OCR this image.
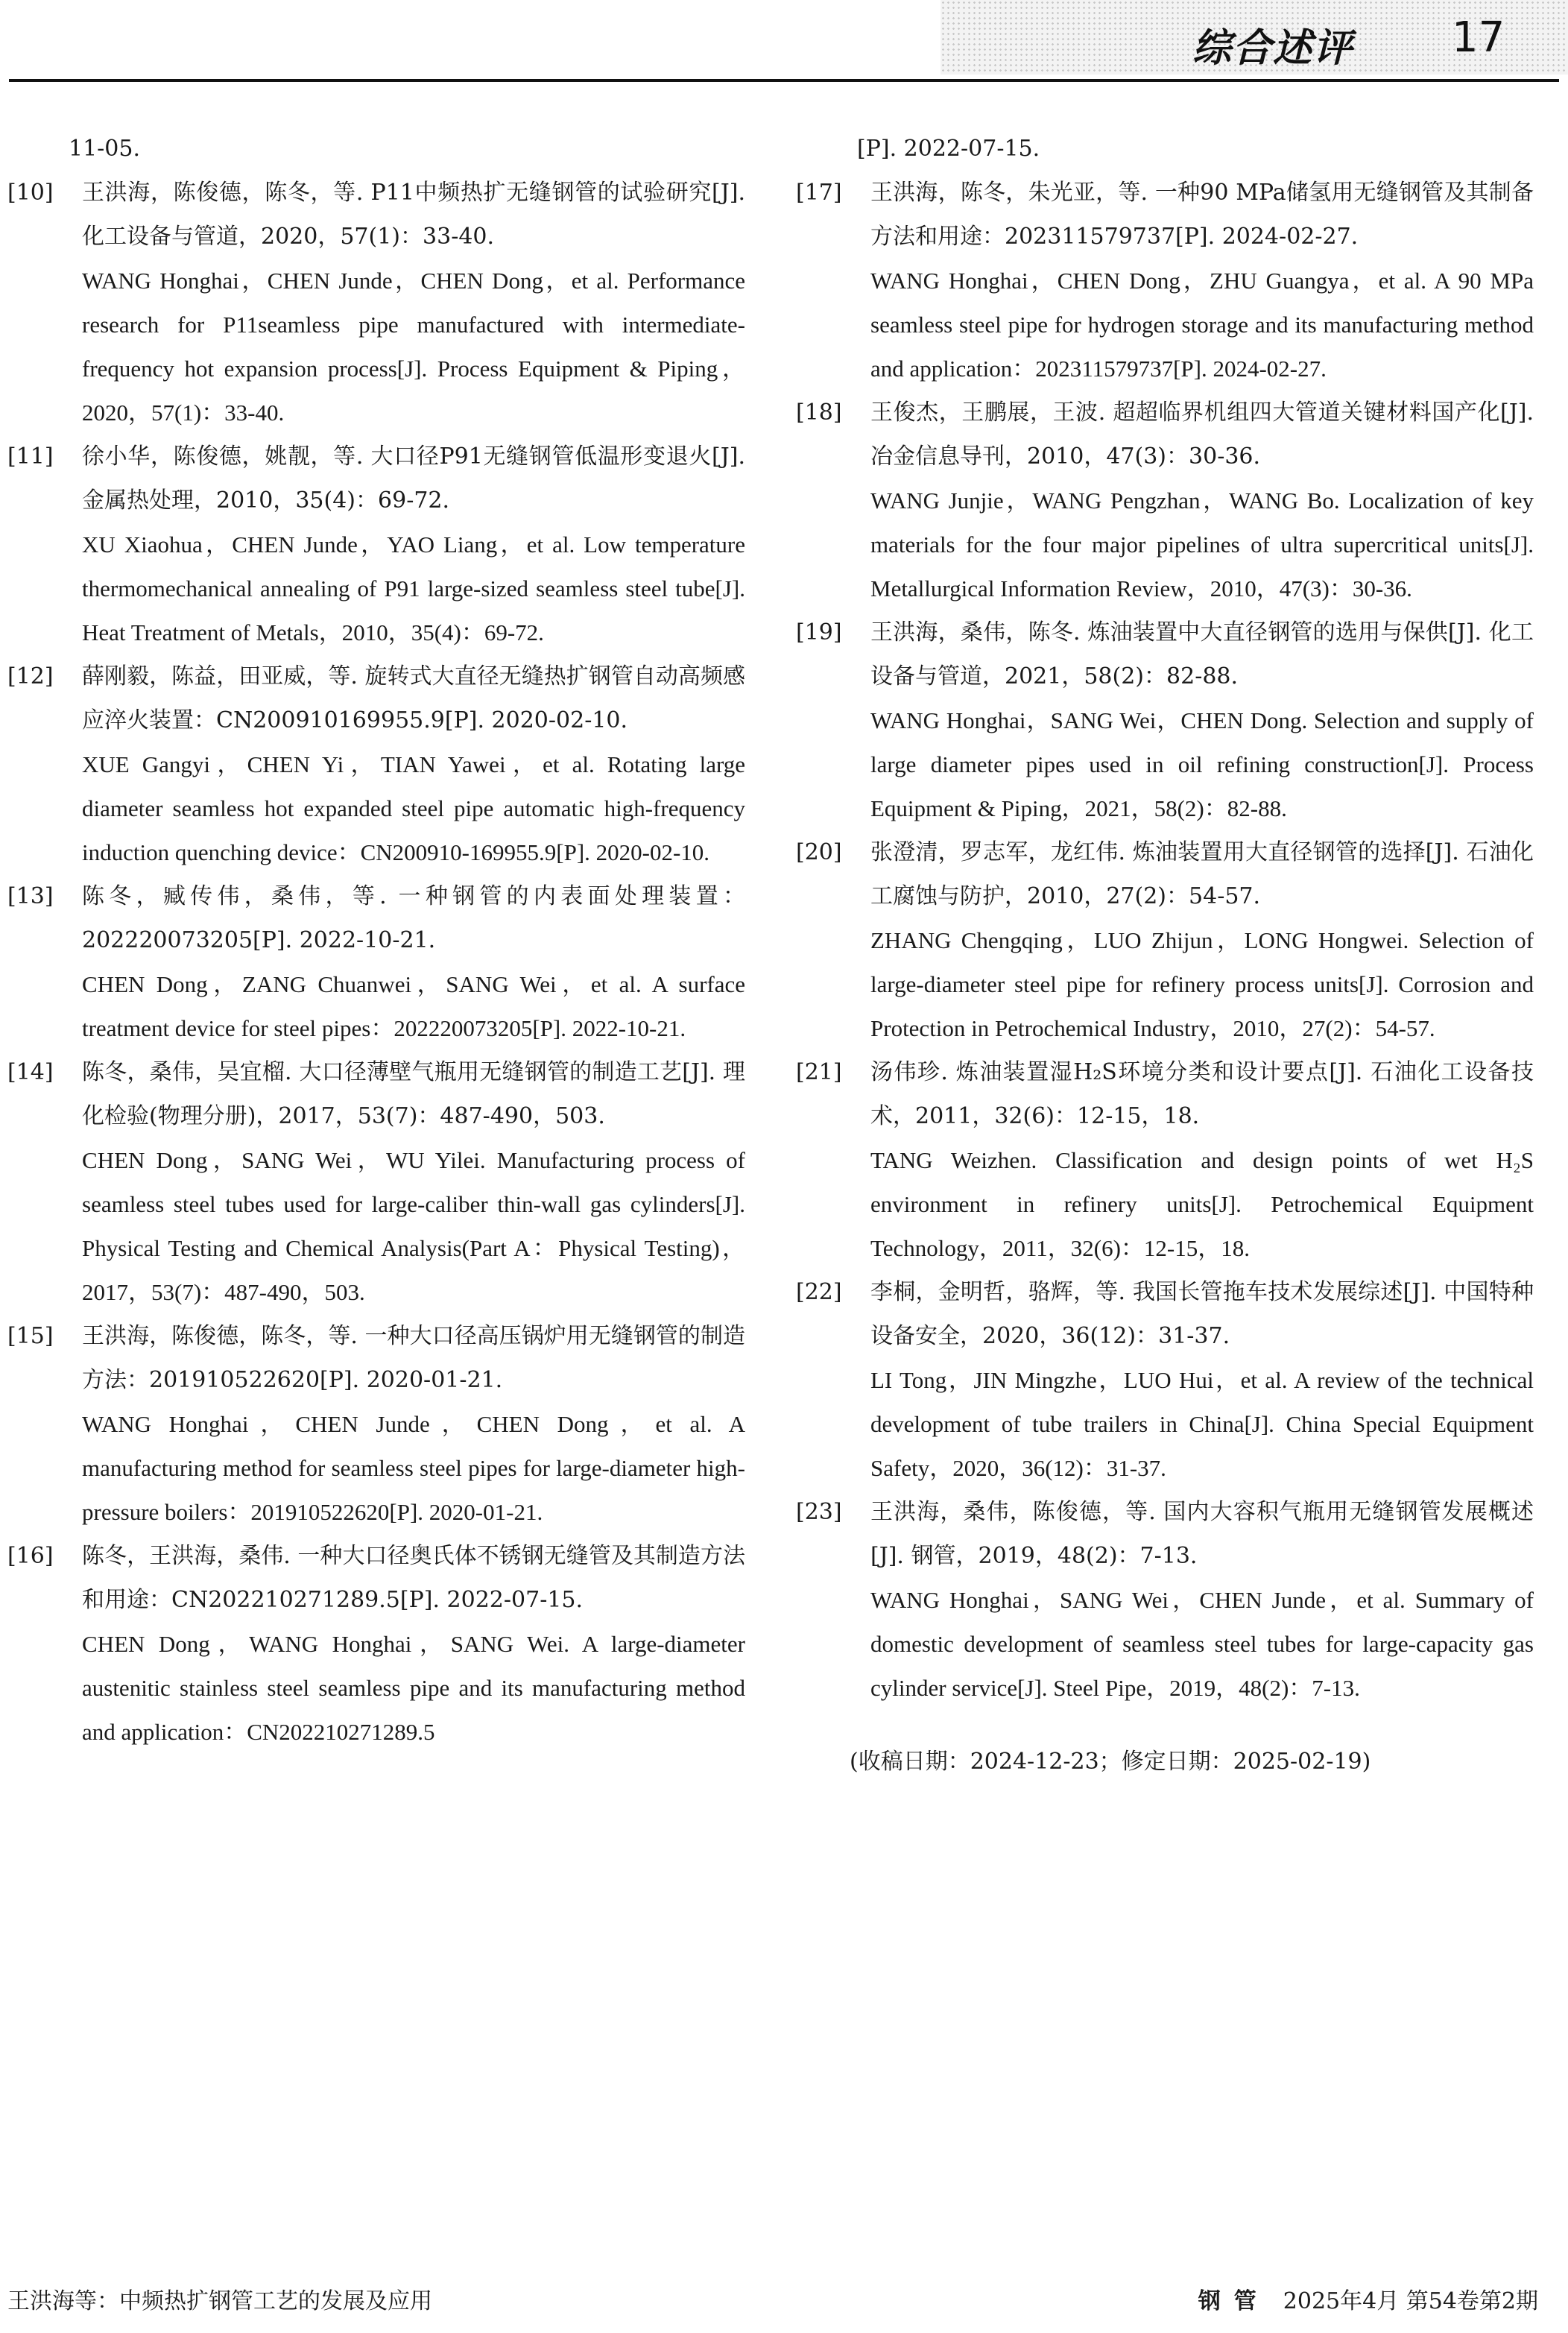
综合述评 17
11-05.
[10]	王洪海，陈俊德，陈冬，等. P11中频热扩无缝钢管的试验研究[J]. 化工设备与管道，2020，57(1)：33-40.
WANG Honghai，CHEN Junde，CHEN Dong，et al. Performance research for P11seamless pipe manufactured with intermediate-frequency hot expansion process[J]. Process Equipment & Piping，2020，57(1)：33-40.
[11]	徐小华，陈俊德，姚靓，等. 大口径P91无缝钢管低温形变退火[J]. 金属热处理，2010，35(4)：69-72.
XU Xiaohua，CHEN Junde，YAO Liang，et al. Low temperature thermomechanical annealing of P91 large-sized seamless steel tube[J]. Heat Treatment of Metals，2010，35(4)：69-72.
[12]	薛刚毅，陈益，田亚威，等. 旋转式大直径无缝热扩钢管自动高频感应淬火装置：CN200910169955.9[P]. 2020-02-10.
XUE Gangyi，CHEN Yi，TIAN Yawei，et al. Rotating large diameter seamless hot expanded steel pipe automatic high-frequency induction quenching device：CN200910-169955.9[P]. 2020-02-10.
[13]	陈冬，臧传伟，桑伟，等. 一种钢管的内表面处理装置：202220073205[P]. 2022-10-21.
CHEN Dong，ZANG Chuanwei，SANG Wei，et al. A surface treatment device for steel pipes：202220073205[P]. 2022-10-21.
[14]	陈冬，桑伟，吴宜榴. 大口径薄壁气瓶用无缝钢管的制造工艺[J]. 理化检验(物理分册)，2017，53(7)：487-490，503.
CHEN Dong，SANG Wei，WU Yilei. Manufacturing process of seamless steel tubes used for large-caliber thin-wall gas cylinders[J]. Physical Testing and Chemical Analysis(Part A：Physical Testing)，2017，53(7)：487-490，503.
[15]	王洪海，陈俊德，陈冬，等. 一种大口径高压锅炉用无缝钢管的制造方法：201910522620[P]. 2020-01-21.
WANG Honghai，CHEN Junde，CHEN Dong，et al. A manufacturing method for seamless steel pipes for large-diameter high-pressure boilers：201910522620[P]. 2020-01-21.
[16]	陈冬，王洪海，桑伟. 一种大口径奥氏体不锈钢无缝管及其制造方法和用途：CN202210271289.5[P]. 2022-07-15.
CHEN Dong，WANG Honghai，SANG Wei. A large-diameter austenitic stainless steel seamless pipe and its manufacturing method and application：CN202210271289.5
[P]. 2022-07-15.
[17]	王洪海，陈冬，朱光亚，等. 一种90 MPa储氢用无缝钢管及其制备方法和用途：202311579737[P]. 2024-02-27.
WANG Honghai，CHEN Dong，ZHU Guangya，et al. A 90 MPa seamless steel pipe for hydrogen storage and its manufacturing method and application：202311579737[P]. 2024-02-27.
[18]	王俊杰，王鹏展，王波. 超超临界机组四大管道关键材料国产化[J]. 冶金信息导刊，2010，47(3)：30-36.
WANG Junjie，WANG Pengzhan，WANG Bo. Localization of key materials for the four major pipelines of ultra supercritical units[J]. Metallurgical Information Review，2010，47(3)：30-36.
[19]	王洪海，桑伟，陈冬. 炼油装置中大直径钢管的选用与保供[J]. 化工设备与管道，2021，58(2)：82-88.
WANG Honghai，SANG Wei，CHEN Dong. Selection and supply of large diameter pipes used in oil refining construction[J]. Process Equipment & Piping，2021，58(2)：82-88.
[20]	张澄清，罗志军，龙红伟. 炼油装置用大直径钢管的选择[J]. 石油化工腐蚀与防护，2010，27(2)：54-57.
ZHANG Chengqing，LUO Zhijun，LONG Hongwei. Selection of large-diameter steel pipe for refinery process units[J]. Corrosion and Protection in Petrochemical Industry，2010，27(2)：54-57.
[21]	汤伟珍. 炼油装置湿H₂S环境分类和设计要点[J]. 石油化工设备技术，2011，32(6)：12-15，18.
TANG Weizhen. Classification and design points of wet H₂S environment in refinery units[J]. Petrochemical Equipment Technology，2011，32(6)：12-15，18.
[22]	李桐，金明哲，骆辉，等. 我国长管拖车技术发展综述[J]. 中国特种设备安全，2020，36(12)：31-37.
LI Tong，JIN Mingzhe，LUO Hui，et al. A review of the technical development of tube trailers in China[J]. China Special Equipment Safety，2020，36(12)：31-37.
[23]	王洪海，桑伟，陈俊德，等. 国内大容积气瓶用无缝钢管发展概述[J]. 钢管，2019，48(2)：7-13.
WANG Honghai，SANG Wei，CHEN Junde，et al. Summary of domestic development of seamless steel tubes for large-capacity gas cylinder service[J]. Steel Pipe，2019，48(2)：7-13.
(收稿日期：2024-12-23；修定日期：2025-02-19)
王洪海等：中频热扩钢管工艺的发展及应用	钢管 2025年4月 第54卷第2期
